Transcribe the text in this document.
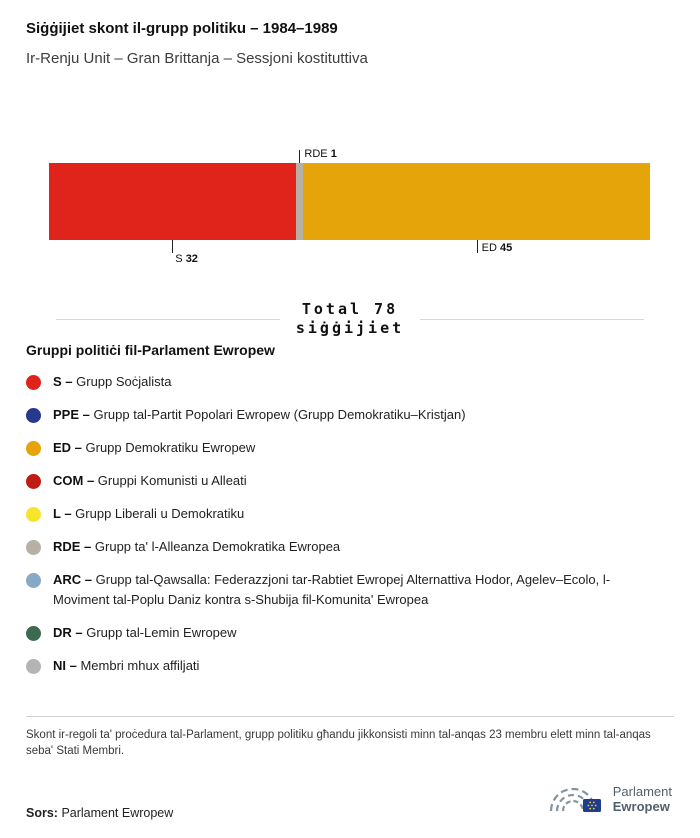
Siġġijiet skont il-grupp politiku – 1984–1989
Ir-Renju Unit – Gran Brittanja – Sessjoni kostituttiva
RDE 1
S 32
ED 45
Total 78
siġġijiet
Gruppi politiċi fil-Parlament Ewropew
S – Grupp Soċjalista
PPE – Grupp tal-Partit Popolari Ewropew (Grupp Demokratiku–Kristjan)
ED – Grupp Demokratiku Ewropew
COM – Gruppi Komunisti u Alleati
L – Grupp Liberali u Demokratiku
RDE – Grupp ta' l-Alleanza Demokratika Ewropea
ARC – Grupp tal-Qawsalla: Federazzjoni tar-Rabtiet Ewropej Alternattiva Hodor, Agelev–Ecolo, l-Moviment tal-Poplu Daniz kontra s-Shubija fil-Komunita' Ewropea
DR – Grupp tal-Lemin Ewropew
NI – Membri mhux affiljati
Skont ir-regoli ta' proċedura tal-Parlament, grupp politiku għandu jikkonsisti minn tal-anqas 23 membru elett minn tal-anqas seba' Stati Membri.
Sors: Parlament Ewropew
Parlament
Ewropew
